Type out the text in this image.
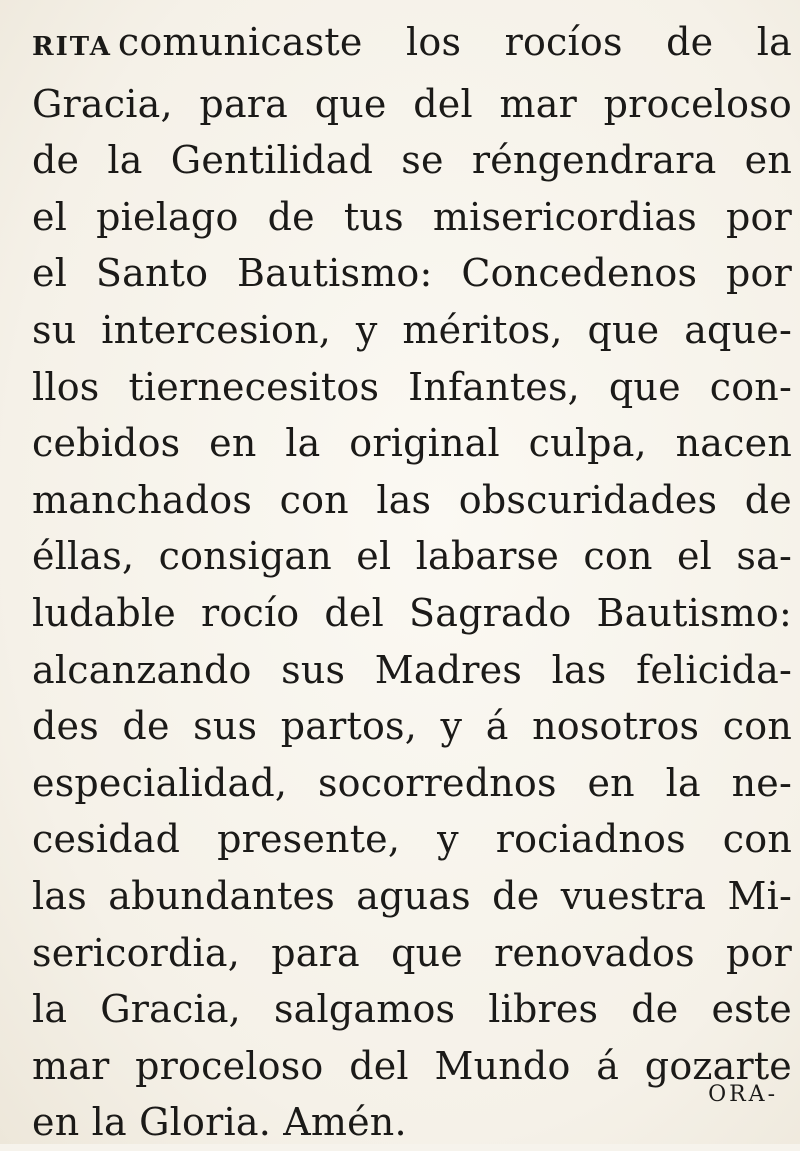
RITA comunicaste los rocíos de la
Gracia, para que del mar proceloso
de la Gentilidad se réngendrara en
el pielago de tus misericordias por
el Santo Bautismo: Concedenos por
su intercesion, y méritos, que aque-
llos tiernecesitos Infantes, que con-
cebidos en la original culpa, nacen
manchados con las obscuridades de
éllas, consigan el labarse con el sa-
ludable rocío del Sagrado Bautismo:
alcanzando sus Madres las felicida-
des de sus partos, y á nosotros con
especialidad, socorrednos en la ne-
cesidad presente, y rociadnos con
las abundantes aguas de vuestra Mi-
sericordia, para que renovados por
la Gracia, salgamos libres de este
mar proceloso del Mundo á gozarte
en la Gloria. Amén.
ORA-
